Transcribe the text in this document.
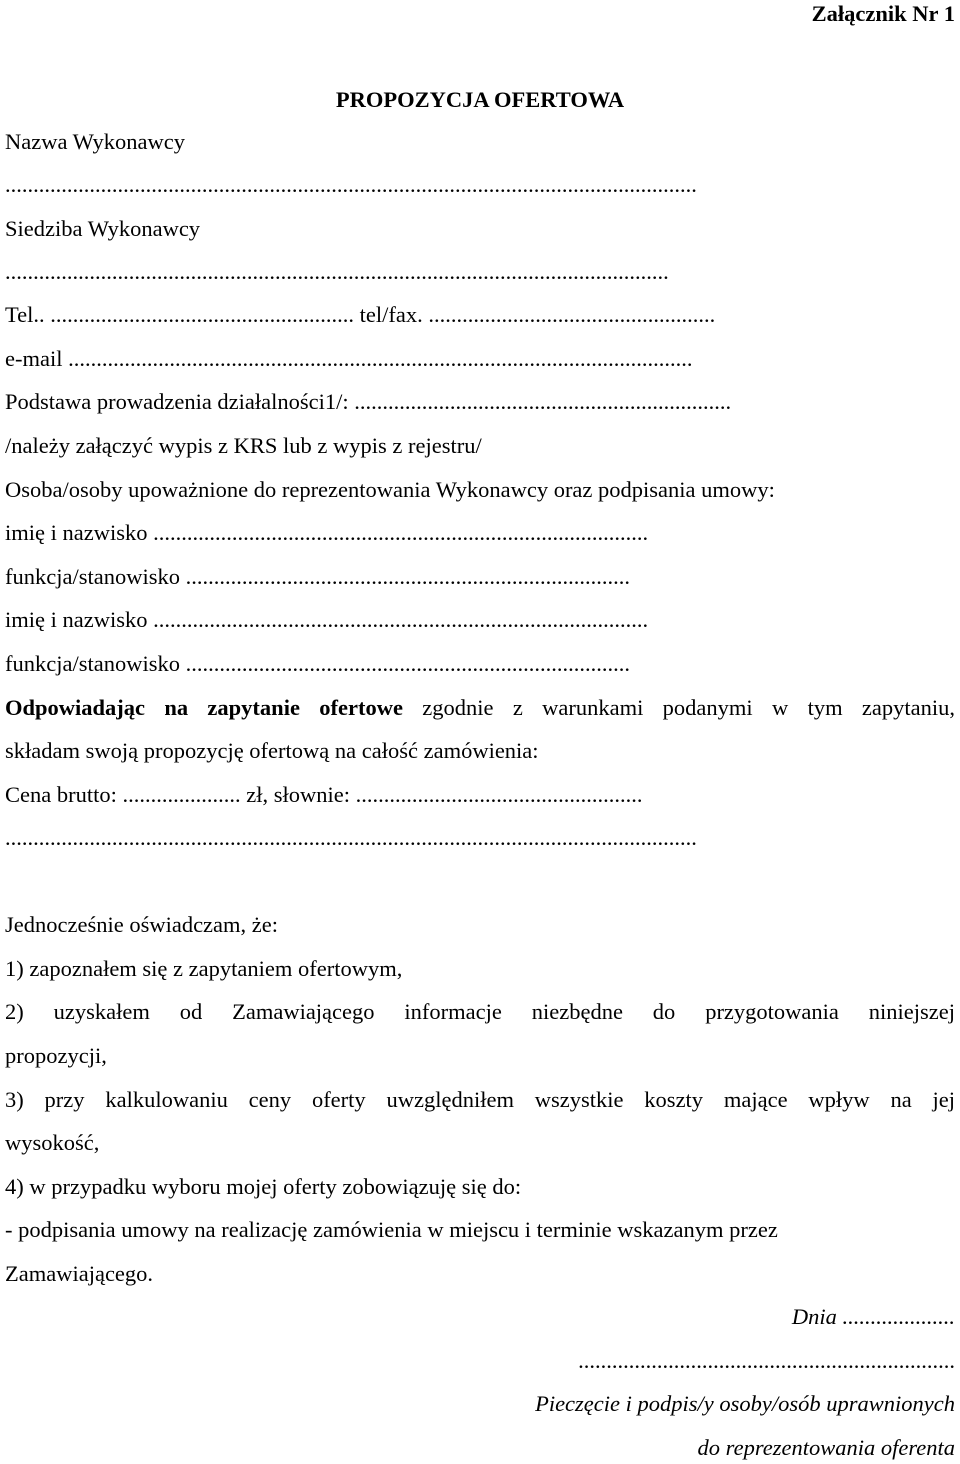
Załącznik Nr 1
PROPOZYCJA OFERTOWA
Nazwa Wykonawcy
...........................................................................................................................
Siedziba Wykonawcy
......................................................................................................................
Tel.. ...................................................... tel/fax. ...................................................
e-mail ...............................................................................................................
Podstawa prowadzenia działalności1/: ...................................................................
/należy załączyć wypis z KRS lub z wypis z rejestru/
Osoba/osoby upoważnione do reprezentowania Wykonawcy oraz podpisania umowy:
imię i nazwisko ........................................................................................
funkcja/stanowisko ...............................................................................
imię i nazwisko ........................................................................................
funkcja/stanowisko ...............................................................................
Odpowiadając na zapytanie ofertowe zgodnie z warunkami podanymi w tym zapytaniu,
składam swoją propozycję ofertową na całość zamówienia:
Cena brutto: ..................... zł, słownie: ...................................................
...........................................................................................................................
Jednocześnie oświadczam, że:
1) zapoznałem się z zapytaniem ofertowym,
2) uzyskałem od Zamawiającego informacje niezbędne do przygotowania niniejszej
propozycji,
3) przy kalkulowaniu ceny oferty uwzględniłem wszystkie koszty mające wpływ na jej
wysokość,
4) w przypadku wyboru mojej oferty zobowiązuję się do:
- podpisania umowy na realizację zamówienia w miejscu i terminie wskazanym przez
Zamawiającego.
Dnia ....................
...................................................................
Pieczęcie i podpis/y osoby/osób uprawnionych
do reprezentowania oferenta
